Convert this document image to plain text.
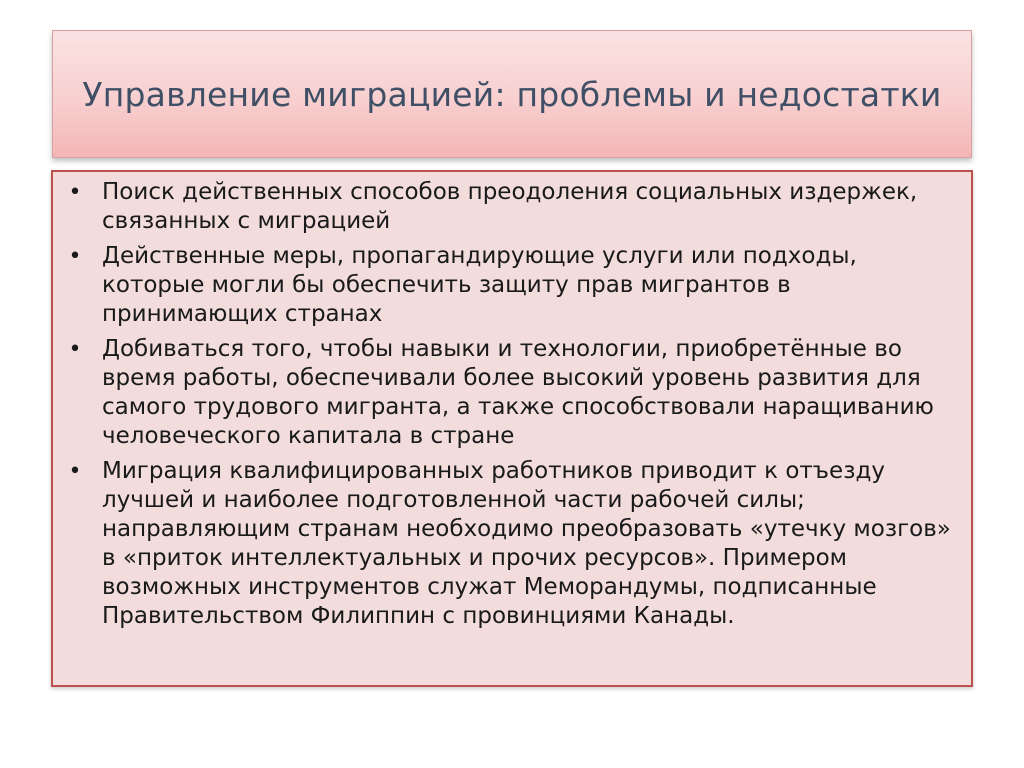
Управление миграцией: проблемы и недостатки
• Поиск действенных способов преодоления социальных издержек, связанных с миграцией
• Действенные меры, пропагандирующие услуги или подходы, которые могли бы обеспечить защиту прав мигрантов в принимающих странах
• Добиваться того, чтобы навыки и технологии, приобретённые во время работы, обеспечивали более высокий уровень развития для самого трудового мигранта, а также способствовали наращиванию человеческого капитала в стране
• Миграция квалифицированных работников приводит к отъезду лучшей и наиболее подготовленной части рабочей силы; направляющим странам необходимо преобразовать «утечку мозгов» в «приток интеллектуальных и прочих ресурсов». Примером возможных инструментов служат Меморандумы, подписанные Правительством Филиппин с провинциями Канады.
